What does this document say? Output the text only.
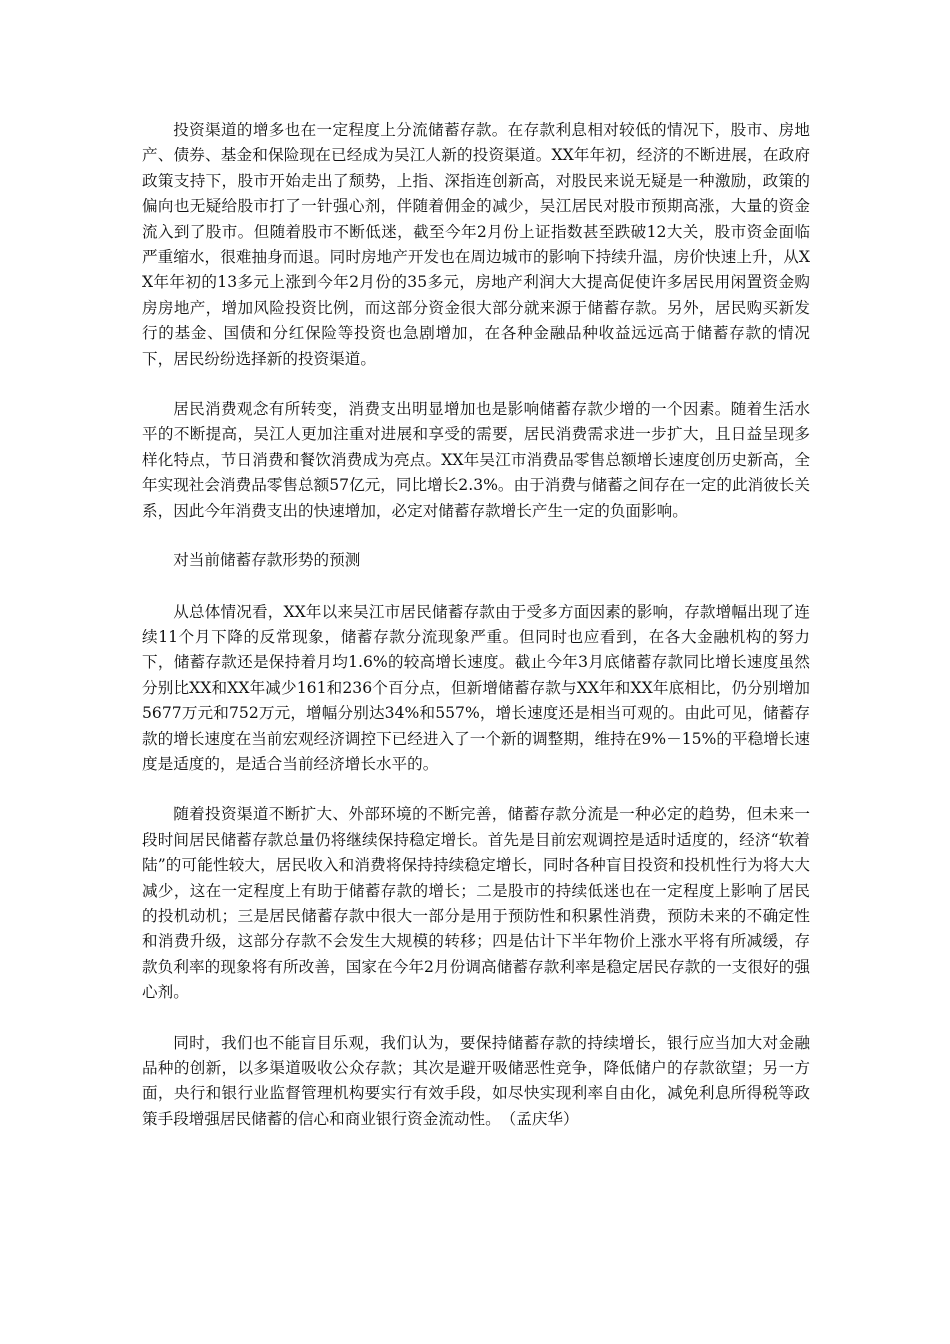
投资渠道的增多也在一定程度上分流储蓄存款。在存款利息相对较低的情况下，股市、房地产、债券、基金和保险现在已经成为吴江人新的投资渠道。XX年年初，经济的不断进展，在政府政策支持下，股市开始走出了颓势，上指、深指连创新高，对股民来说无疑是一种激励，政策的偏向也无疑给股市打了一针强心剂，伴随着佣金的减少，吴江居民对股市预期高涨，大量的资金流入到了股市。但随着股市不断低迷，截至今年2月份上证指数甚至跌破12大关，股市资金面临严重缩水，很难抽身而退。同时房地产开发也在周边城市的影响下持续升温，房价快速上升，从XX年年初的13多元上涨到今年2月份的35多元，房地产利润大大提高促使许多居民用闲置资金购房房地产，增加风险投资比例，而这部分资金很大部分就来源于储蓄存款。另外，居民购买新发行的基金、国债和分红保险等投资也急剧增加，在各种金融品种收益远远高于储蓄存款的情况下，居民纷纷选择新的投资渠道。

居民消费观念有所转变，消费支出明显增加也是影响储蓄存款少增的一个因素。随着生活水平的不断提高，吴江人更加注重对进展和享受的需要，居民消费需求进一步扩大，且日益呈现多样化特点，节日消费和餐饮消费成为亮点。XX年吴江市消费品零售总额增长速度创历史新高，全年实现社会消费品零售总额57亿元，同比增长2.3%。由于消费与储蓄之间存在一定的此消彼长关系，因此今年消费支出的快速增加，必定对储蓄存款增长产生一定的负面影响。

对当前储蓄存款形势的预测

从总体情况看，XX年以来吴江市居民储蓄存款由于受多方面因素的影响，存款增幅出现了连续11个月下降的反常现象，储蓄存款分流现象严重。但同时也应看到，在各大金融机构的努力下，储蓄存款还是保持着月均1.6%的较高增长速度。截止今年3月底储蓄存款同比增长速度虽然分别比XX和XX年减少161和236个百分点，但新增储蓄存款与XX年和XX年底相比，仍分别增加5677万元和752万元，增幅分别达34%和557%，增长速度还是相当可观的。由此可见，储蓄存款的增长速度在当前宏观经济调控下已经进入了一个新的调整期，维持在9%－15%的平稳增长速度是适度的，是适合当前经济增长水平的。

随着投资渠道不断扩大、外部环境的不断完善，储蓄存款分流是一种必定的趋势，但未来一段时间居民储蓄存款总量仍将继续保持稳定增长。首先是目前宏观调控是适时适度的，经济“软着陆”的可能性较大，居民收入和消费将保持持续稳定增长，同时各种盲目投资和投机性行为将大大减少，这在一定程度上有助于储蓄存款的增长；二是股市的持续低迷也在一定程度上影响了居民的投机动机；三是居民储蓄存款中很大一部分是用于预防性和积累性消费，预防未来的不确定性和消费升级，这部分存款不会发生大规模的转移；四是估计下半年物价上涨水平将有所减缓，存款负利率的现象将有所改善，国家在今年2月份调高储蓄存款利率是稳定居民存款的一支很好的强心剂。

同时，我们也不能盲目乐观，我们认为，要保持储蓄存款的持续增长，银行应当加大对金融品种的创新，以多渠道吸收公众存款；其次是避开吸储恶性竞争，降低储户的存款欲望；另一方面，央行和银行业监督管理机构要实行有效手段，如尽快实现利率自由化，减免利息所得税等政策手段增强居民储蓄的信心和商业银行资金流动性。　（孟庆华）
